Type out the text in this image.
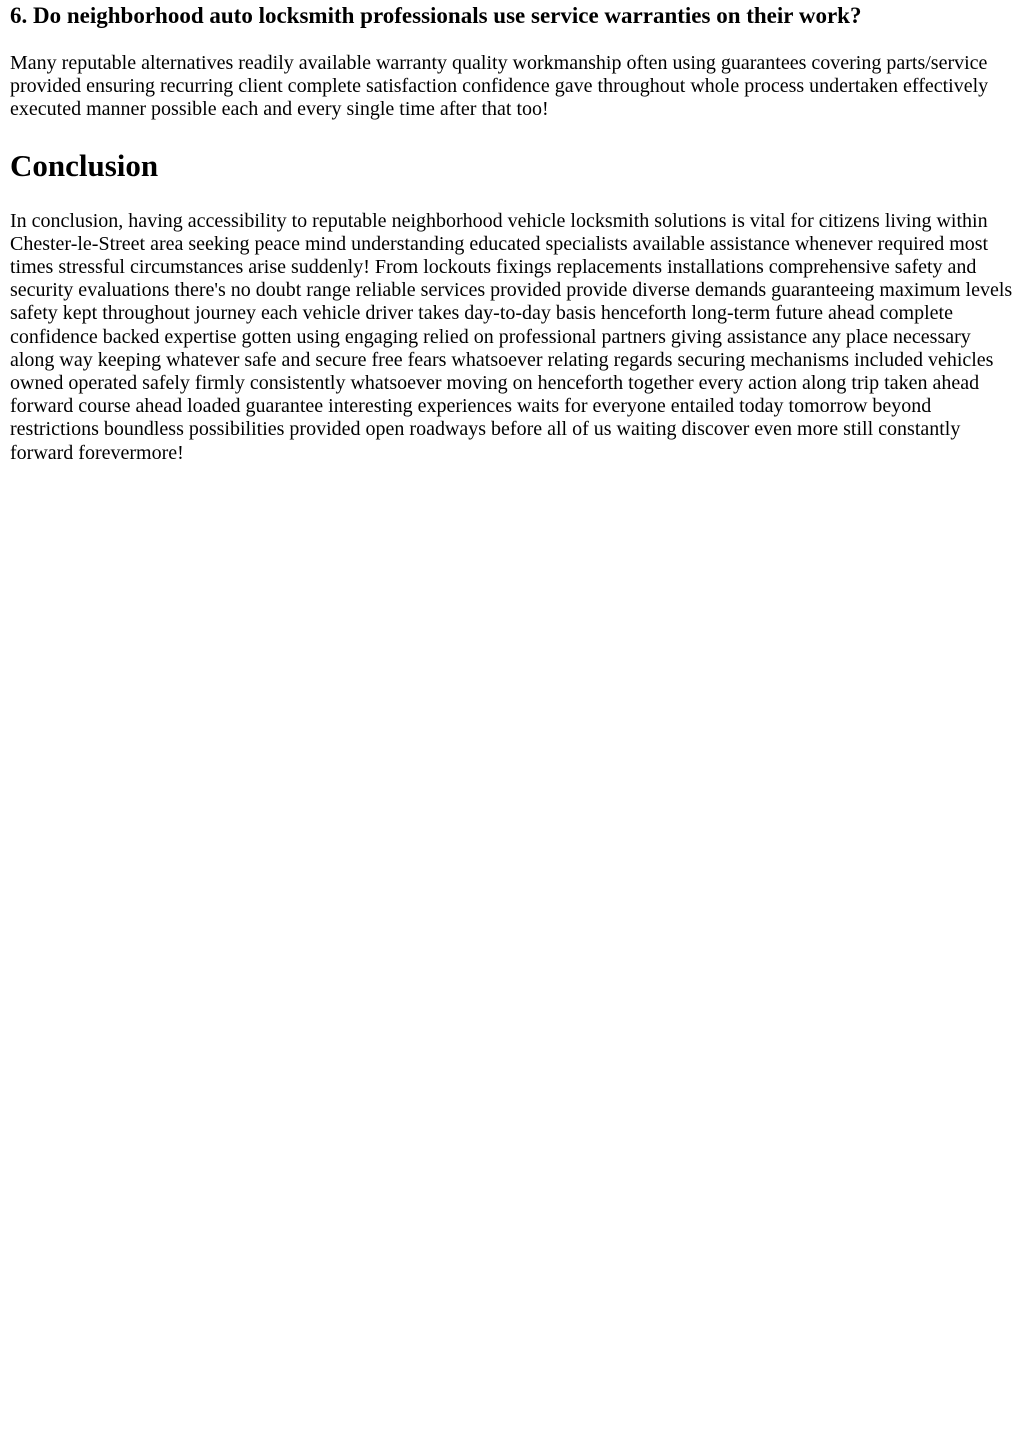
6. Do neighborhood auto locksmith professionals use service warranties on their work?

Many reputable alternatives readily available warranty quality workmanship often using guarantees covering parts/service provided ensuring recurring client complete satisfaction confidence gave throughout whole process undertaken effectively executed manner possible each and every single time after that too!

Conclusion

In conclusion, having accessibility to reputable neighborhood vehicle locksmith solutions is vital for citizens living within Chester-le-Street area seeking peace mind understanding educated specialists available assistance whenever required most times stressful circumstances arise suddenly! From lockouts fixings replacements installations comprehensive safety and security evaluations there's no doubt range reliable services provided provide diverse demands guaranteeing maximum levels safety kept throughout journey each vehicle driver takes day-to-day basis henceforth long-term future ahead complete confidence backed expertise gotten using engaging relied on professional partners giving assistance any place necessary along way keeping whatever safe and secure free fears whatsoever relating regards securing mechanisms included vehicles owned operated safely firmly consistently whatsoever moving on henceforth together every action along trip taken ahead forward course ahead loaded guarantee interesting experiences waits for everyone entailed today tomorrow beyond restrictions boundless possibilities provided open roadways before all of us waiting discover even more still constantly forward forevermore!
